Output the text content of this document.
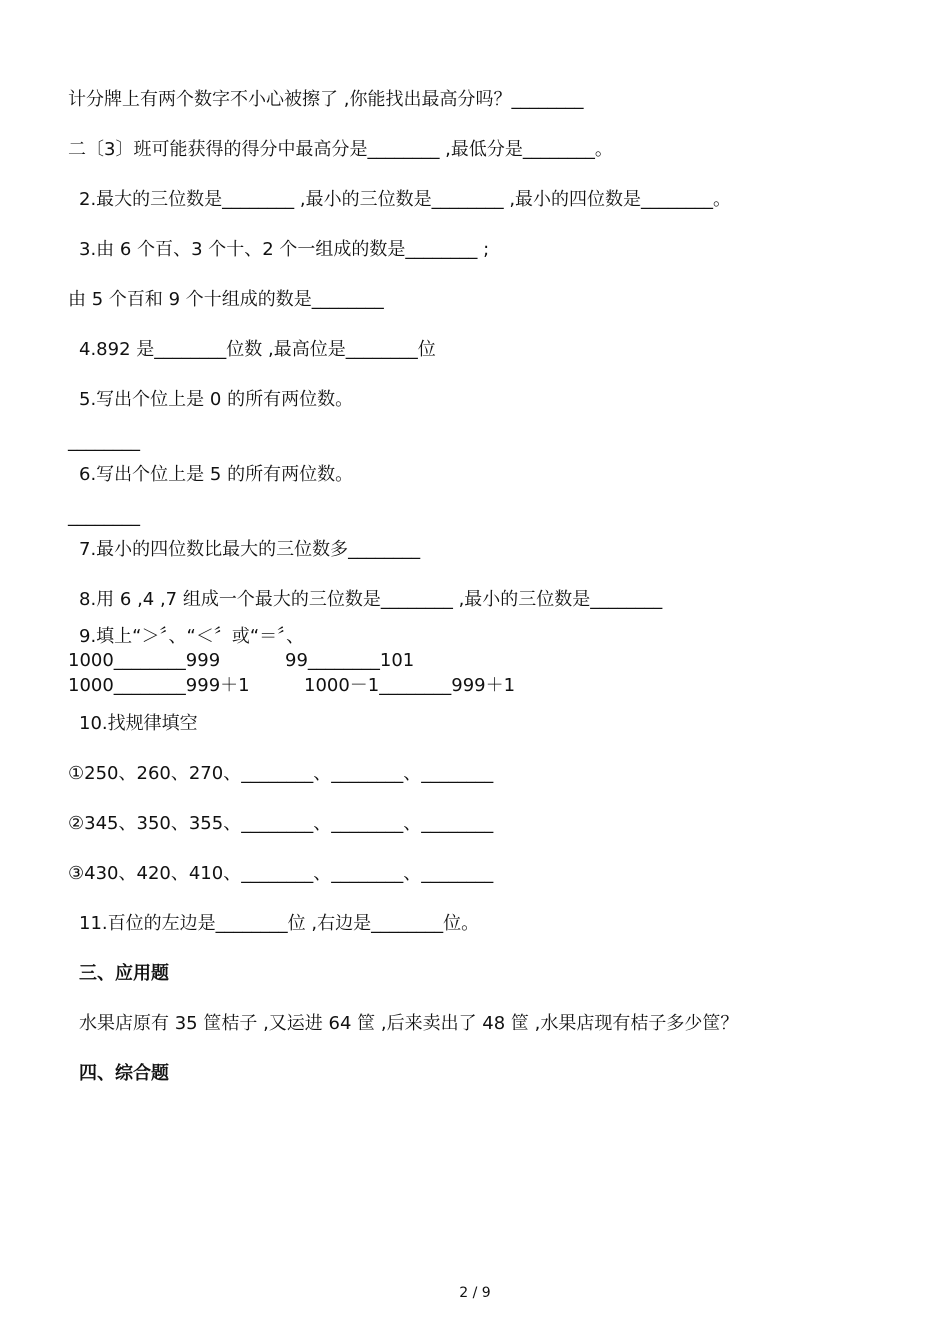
计分牌上有两个数字不小心被擦了 ,你能找出最高分吗？________
二〔3〕班可能获得的得分中最高分是________ ,最低分是________。
2.最大的三位数是________ ,最小的三位数是________ ,最小的四位数是________。
3.由 6 个百、3 个十、2 个一组成的数是________ ;
由 5 个百和 9 个十组成的数是________
4.892 是________位数 ,最高位是________位
5.写出个位上是 0 的所有两位数。
________
6.写出个位上是 5 的所有两位数。
________
7.最小的四位数比最大的三位数多________
8.用 6 ,4 ,7 组成一个最大的三位数是________ ,最小的三位数是________
9.填上“＞〞、“＜〞或“＝〞、
1000________999	99________101
1000________999＋1	1000－1________999＋1
10.找规律填空
①250、260、270、________、________、________
②345、350、355、________、________、________
③430、420、410、________、________、________
11.百位的左边是________位 ,右边是________位。
三、应用题
水果店原有 35 筐桔子 ,又运进 64 筐 ,后来卖出了 48 筐 ,水果店现有桔子多少筐？
四、综合题
2 / 9
